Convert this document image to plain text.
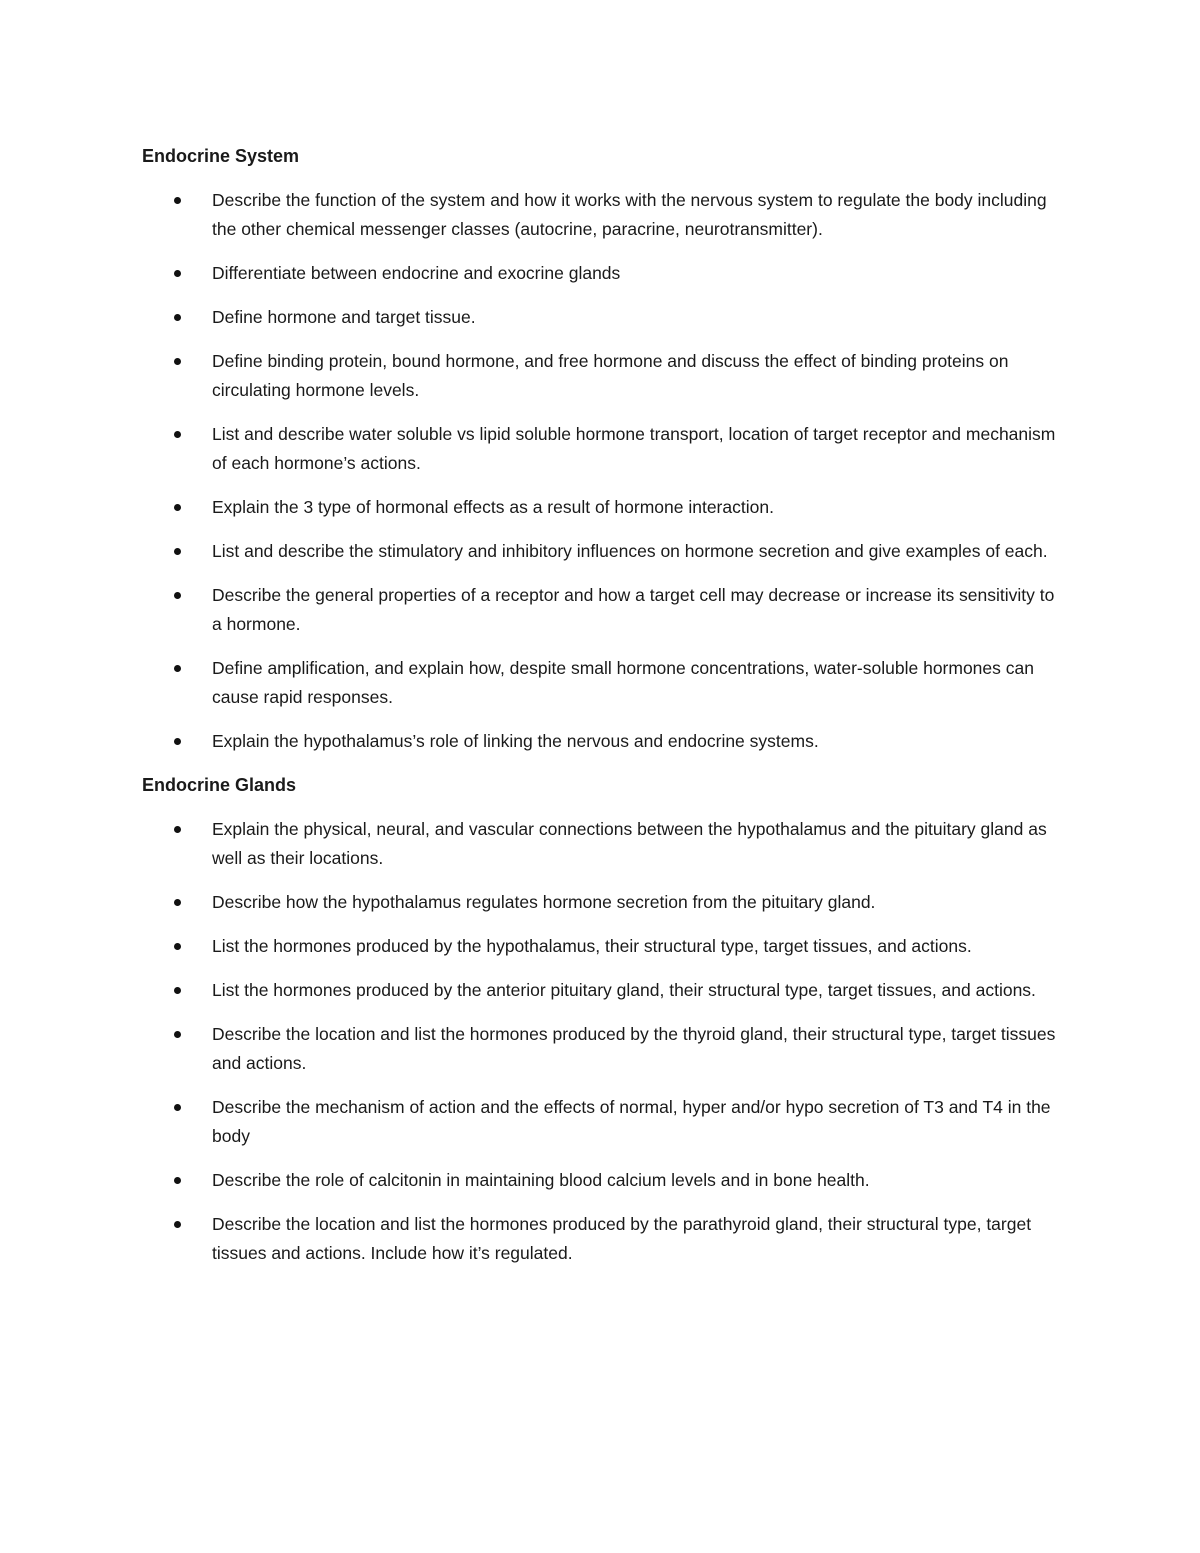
Endocrine System
Describe the function of the system and how it works with the nervous system to regulate the body including the other chemical messenger classes (autocrine, paracrine, neurotransmitter).
Differentiate between endocrine and exocrine glands
Define hormone and target tissue.
Define binding protein, bound hormone, and free hormone and discuss the effect of binding proteins on circulating hormone levels.
List and describe water soluble vs lipid soluble hormone transport, location of target receptor and mechanism of each hormone’s actions.
Explain the 3 type of hormonal effects as a result of hormone interaction.
List and describe the stimulatory and inhibitory influences on hormone secretion and give examples of each.
Describe the general properties of a receptor and how a target cell may decrease or increase its sensitivity to a hormone.
Define amplification, and explain how, despite small hormone concentrations, water-soluble hormones can cause rapid responses.
Explain the hypothalamus’s role of linking the nervous and endocrine systems.
Endocrine Glands
Explain the physical, neural, and vascular connections between the hypothalamus and the pituitary gland as well as their locations.
Describe how the hypothalamus regulates hormone secretion from the pituitary gland.
List the hormones produced by the hypothalamus, their structural type, target tissues, and actions.
List the hormones produced by the anterior pituitary gland, their structural type, target tissues, and actions.
Describe the location and list the hormones produced by the thyroid gland, their structural type, target tissues and actions.
Describe the mechanism of action and the effects of normal, hyper and/or hypo secretion of T3 and T4 in the body
Describe the role of calcitonin in maintaining blood calcium levels and in bone health.
Describe the location and list the hormones produced by the parathyroid gland, their structural type, target tissues and actions. Include how it’s regulated.
